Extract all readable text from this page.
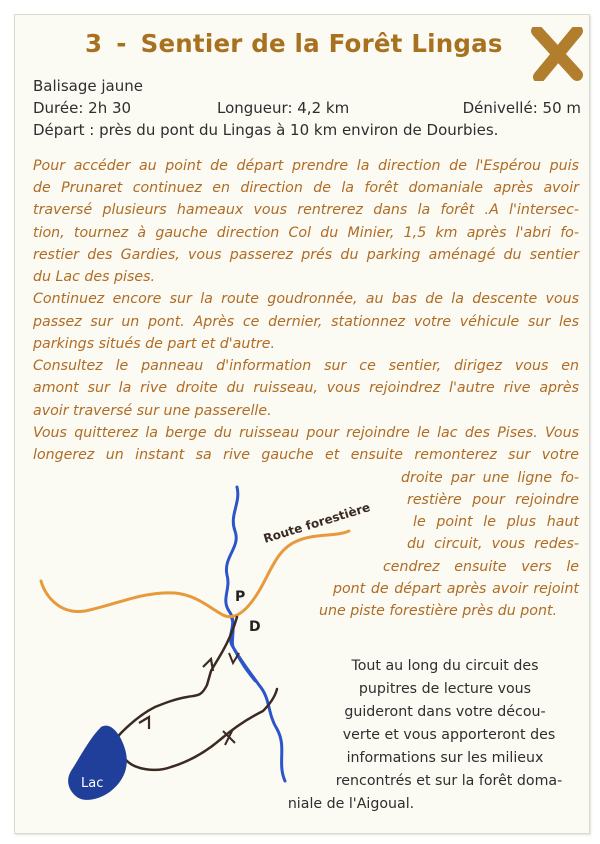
3 - Sentier de la Forêt Lingas

Balisage jaune

Durée: 2h 30	Longueur: 4,2 km	Dénivellé: 50 m

Départ : près du pont du Lingas à 10 km environ de Dourbies.

Pour accéder au point de départ prendre la direction de l'Espérou puis

de Prunaret continuez en direction de la forêt domaniale après avoir

traversé plusieurs hameaux vous rentrerez dans la forêt .A l'intersec-

tion, tournez à gauche direction Col du Minier, 1,5 km après l'abri fo-

restier des Gardies, vous passerez prés du parking aménagé du sentier

du Lac des pises.

Continuez encore sur la route goudronnée, au bas de la descente vous

passez sur un pont. Après ce dernier, stationnez votre véhicule sur les

parkings situés de part et d'autre.

Consultez le panneau d'information sur ce sentier, dirigez vous en

amont sur la rive droite du ruisseau, vous rejoindrez l'autre rive après

avoir traversé sur une passerelle.

Vous quitterez la berge du ruisseau pour rejoindre le lac des Pises. Vous

longerez un instant sa rive gauche et ensuite remonterez sur votre

droite par une ligne fo-

restière pour rejoindre

le point le plus haut

du circuit, vous redes-

cendrez ensuite vers le

pont de départ après avoir rejoint

une piste forestière près du pont.

Tout au long du circuit des

pupitres de lecture vous

guideront dans votre décou-

verte et vous apporteront des

informations sur les milieux

rencontrés et sur la forêt doma-

niale de l'Aigoual.

Route forestière
P
D
Lac
